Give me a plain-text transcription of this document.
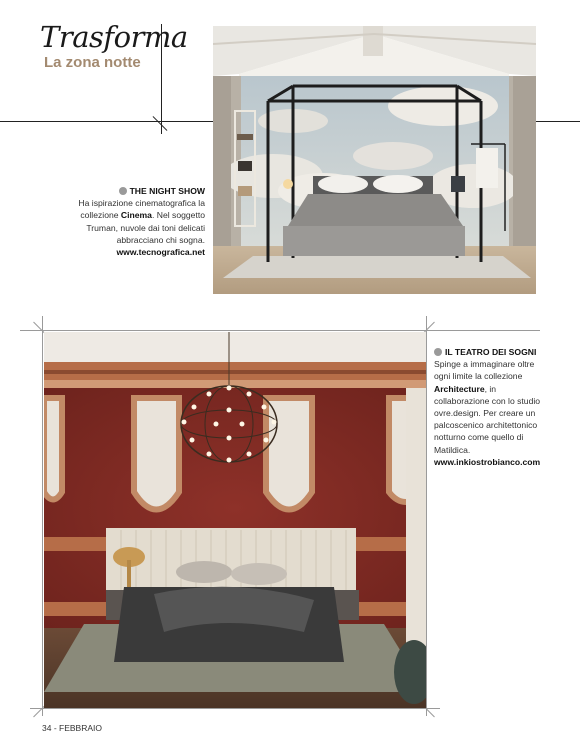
Trasforma
La zona notte
THE NIGHT SHOW
Ha ispirazione cinematografica la collezione Cinema. Nel soggetto Truman, nuvole dai toni delicati abbracciano chi sogna.
www.tecnografica.net
IL TEATRO DEI SOGNI
Spinge a immaginare oltre ogni limite la collezione Architecture, in collaborazione con lo studio ovre.design. Per creare un palcoscenico architettonico notturno come quello di Matildica.
www.inkiostrobianco.com
34 - FEBBRAIO
